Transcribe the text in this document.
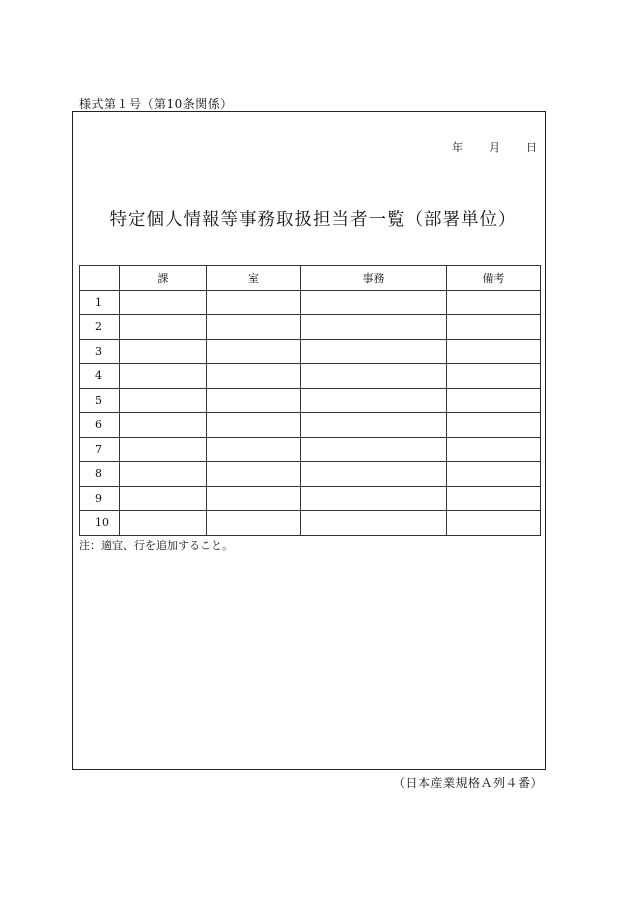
様式第１号（第10条関係）
年 月 日
特定個人情報等事務取扱担当者一覧（部署単位）
	課	室	事務	備考
1				
2				
3				
4				
5				
6				
7				
8				
9				
10				
注：適宜、行を追加すること。
（日本産業規格Ａ列４番）
